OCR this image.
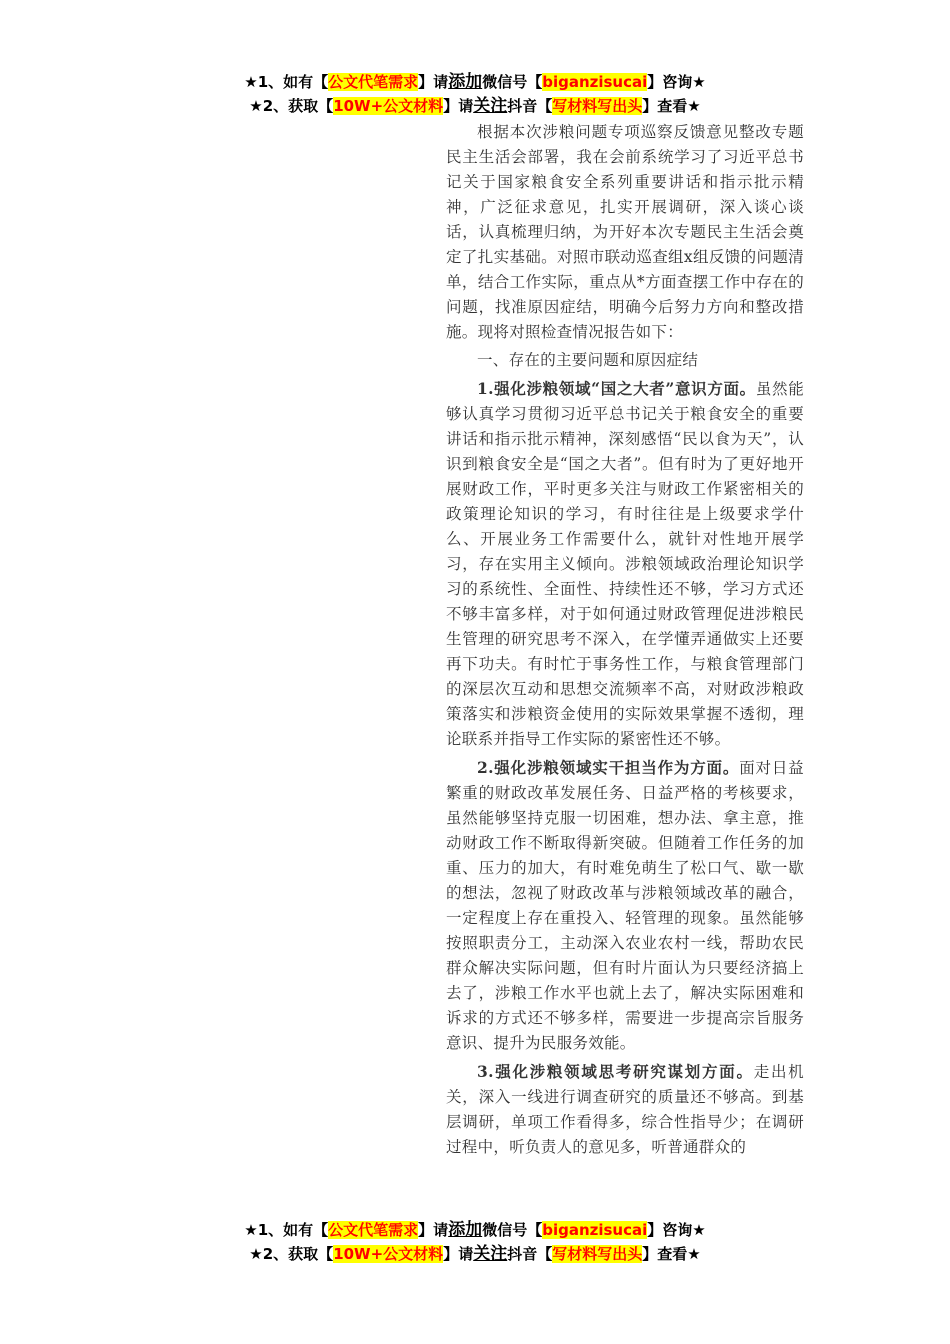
★1、如有【公文代笔需求】请添加微信号【biganzisucai】咨询★
★2、获取【10W+公文材料】请关注抖音【写材料写出头】查看★

根据本次涉粮问题专项巡察反馈意见整改专题民主生活会部署，我在会前系统学习了习近平总书记关于国家粮食安全系列重要讲话和指示批示精神，广泛征求意见，扎实开展调研，深入谈心谈话，认真梳理归纳，为开好本次专题民主生活会奠定了扎实基础。对照市联动巡查组x组反馈的问题清单，结合工作实际，重点从*方面查摆工作中存在的问题，找准原因症结，明确今后努力方向和整改措施。现将对照检查情况报告如下：

一、存在的主要问题和原因症结

1.强化涉粮领域“国之大者”意识方面。虽然能够认真学习贯彻习近平总书记关于粮食安全的重要讲话和指示批示精神，深刻感悟“民以食为天”，认识到粮食安全是“国之大者”。但有时为了更好地开展财政工作，平时更多关注与财政工作紧密相关的政策理论知识的学习，有时往往是上级要求学什么、开展业务工作需要什么，就针对性地开展学习，存在实用主义倾向。涉粮领域政治理论知识学习的系统性、全面性、持续性还不够，学习方式还不够丰富多样，对于如何通过财政管理促进涉粮民生管理的研究思考不深入，在学懂弄通做实上还要再下功夫。有时忙于事务性工作，与粮食管理部门的深层次互动和思想交流频率不高，对财政涉粮政策落实和涉粮资金使用的实际效果掌握不透彻，理论联系并指导工作实际的紧密性还不够。

2.强化涉粮领域实干担当作为方面。面对日益繁重的财政改革发展任务、日益严格的考核要求，虽然能够坚持克服一切困难，想办法、拿主意，推动财政工作不断取得新突破。但随着工作任务的加重、压力的加大，有时难免萌生了松口气、歇一歇的想法，忽视了财政改革与涉粮领域改革的融合，一定程度上存在重投入、轻管理的现象。虽然能够按照职责分工，主动深入农业农村一线，帮助农民群众解决实际问题，但有时片面认为只要经济搞上去了，涉粮工作水平也就上去了，解决实际困难和诉求的方式还不够多样，需要进一步提高宗旨服务意识、提升为民服务效能。

3.强化涉粮领域思考研究谋划方面。走出机关，深入一线进行调查研究的质量还不够高。到基层调研，单项工作看得多，综合性指导少；在调研过程中，听负责人的意见多，听普通群众的

★1、如有【公文代笔需求】请添加微信号【biganzisucai】咨询★
★2、获取【10W+公文材料】请关注抖音【写材料写出头】查看★
